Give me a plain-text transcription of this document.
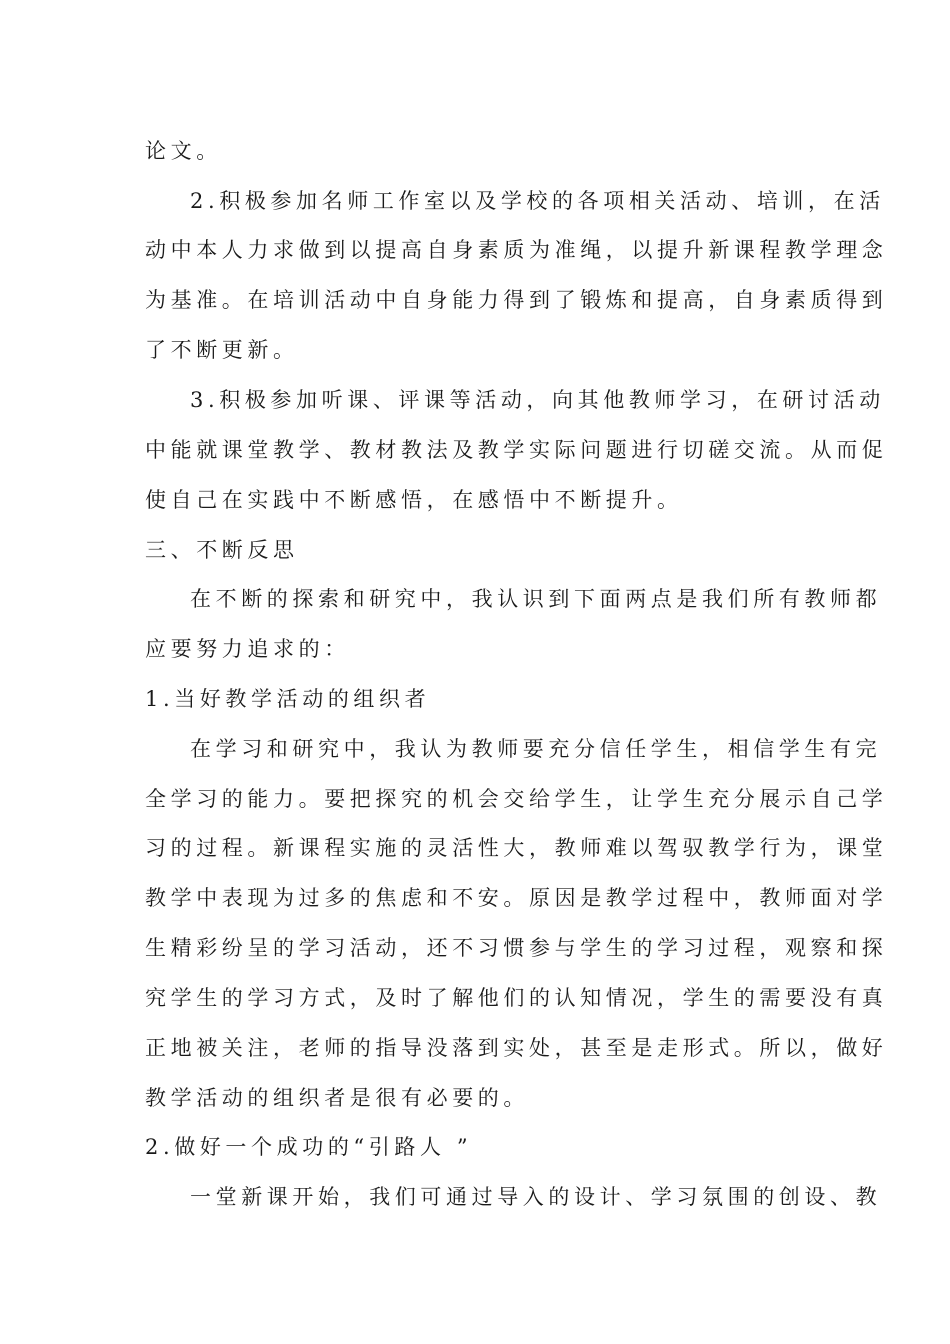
论文。
2.积极参加名师工作室以及学校的各项相关活动、培训，在活
动中本人力求做到以提高自身素质为准绳，以提升新课程教学理念
为基准。在培训活动中自身能力得到了锻炼和提高，自身素质得到
了不断更新。
3.积极参加听课、评课等活动，向其他教师学习，在研讨活动
中能就课堂教学、教材教法及教学实际问题进行切磋交流。从而促
使自己在实践中不断感悟，在感悟中不断提升。
三、不断反思
在不断的探索和研究中，我认识到下面两点是我们所有教师都
应要努力追求的：
1.当好教学活动的组织者
在学习和研究中，我认为教师要充分信任学生，相信学生有完
全学习的能力。要把探究的机会交给学生，让学生充分展示自己学
习的过程。新课程实施的灵活性大，教师难以驾驭教学行为，课堂
教学中表现为过多的焦虑和不安。原因是教学过程中，教师面对学
生精彩纷呈的学习活动，还不习惯参与学生的学习过程，观察和探
究学生的学习方式，及时了解他们的认知情况，学生的需要没有真
正地被关注，老师的指导没落到实处，甚至是走形式。所以，做好
教学活动的组织者是很有必要的。
2.做好一个成功的“引路人 ”
一堂新课开始，我们可通过导入的设计、学习氛围的创设、教
